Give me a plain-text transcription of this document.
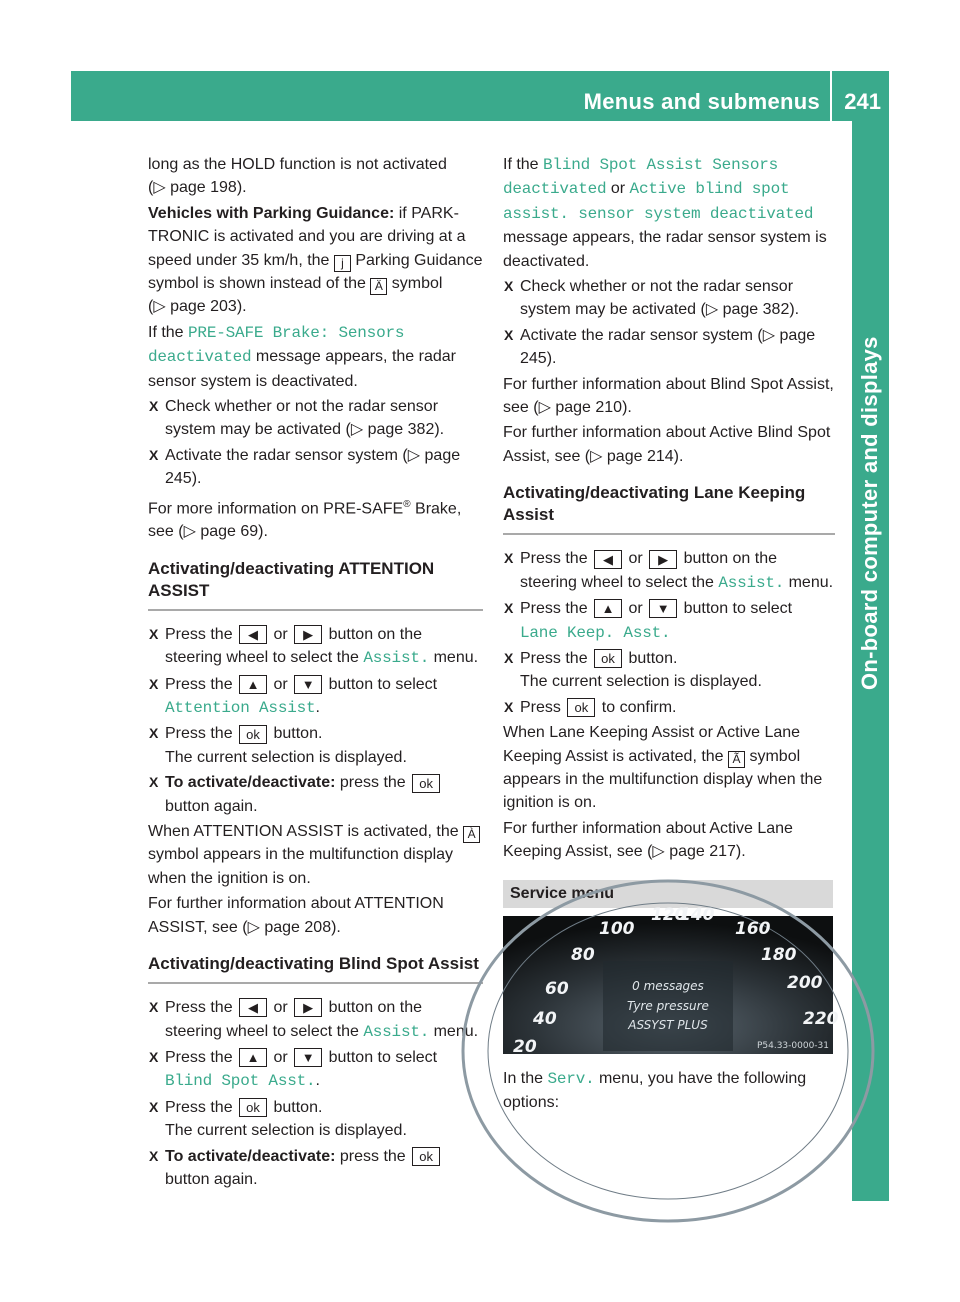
Menus and submenus 241
On-board computer and displays

long as the HOLD function is not activated
(▷ page 198).

Vehicles with Parking Guidance: if PARK-TRONIC is activated and you are driving at a speed under 35 km/h, the j Parking Guidance symbol is shown instead of the Ä symbol (▷ page 203).

If the PRE-SAFE Brake: Sensors deactivated message appears, the radar sensor system is deactivated.

X Check whether or not the radar sensor system may be activated (▷ page 382).
X Activate the radar sensor system (▷ page 245).

For more information on PRE-SAFE® Brake, see (▷ page 69).

Activating/deactivating ATTENTION ASSIST
X Press the ◀ or ▶ button on the steering wheel to select the Assist. menu.
X Press the ▲ or ▼ button to select
Attention Assist.
X Press the ok button.
The current selection is displayed.
X To activate/deactivate: press the ok
button again.

When ATTENTION ASSIST is activated, the À symbol appears in the multifunction display when the ignition is on.

For further information about ATTENTION ASSIST, see (▷ page 208).

Activating/deactivating Blind Spot Assist
X Press the ◀ or ▶ button on the steering wheel to select the Assist. menu.
X Press the ▲ or ▼ button to select
Blind Spot Asst..
X Press the ok button.
The current selection is displayed.
X To activate/deactivate: press the ok
button again.

If the Blind Spot Assist Sensors deactivated or Active blind spot assist. sensor system deactivated message appears, the radar sensor system is deactivated.

X Check whether or not the radar sensor system may be activated (▷ page 382).
X Activate the radar sensor system (▷ page 245).

For further information about Blind Spot Assist, see (▷ page 210).

For further information about Active Blind Spot Assist, see (▷ page 214).

Activating/deactivating Lane Keeping Assist
X Press the ◀ or ▶ button on the steering wheel to select the Assist. menu.
X Press the ▲ or ▼ button to select
Lane Keep. Asst.
X Press the ok button.
The current selection is displayed.
X Press ok to confirm.

When Lane Keeping Assist or Active Lane Keeping Assist is activated, the Ã symbol appears in the multifunction display when the ignition is on.

For further information about Active Lane Keeping Assist, see (▷ page 217).

Service menu
20
40
60
80
100
120
140
160
180
200
220
0 messages
Tyre pressure
ASSYST PLUS
P54.33-0000-31
In the Serv. menu, you have the following options:
